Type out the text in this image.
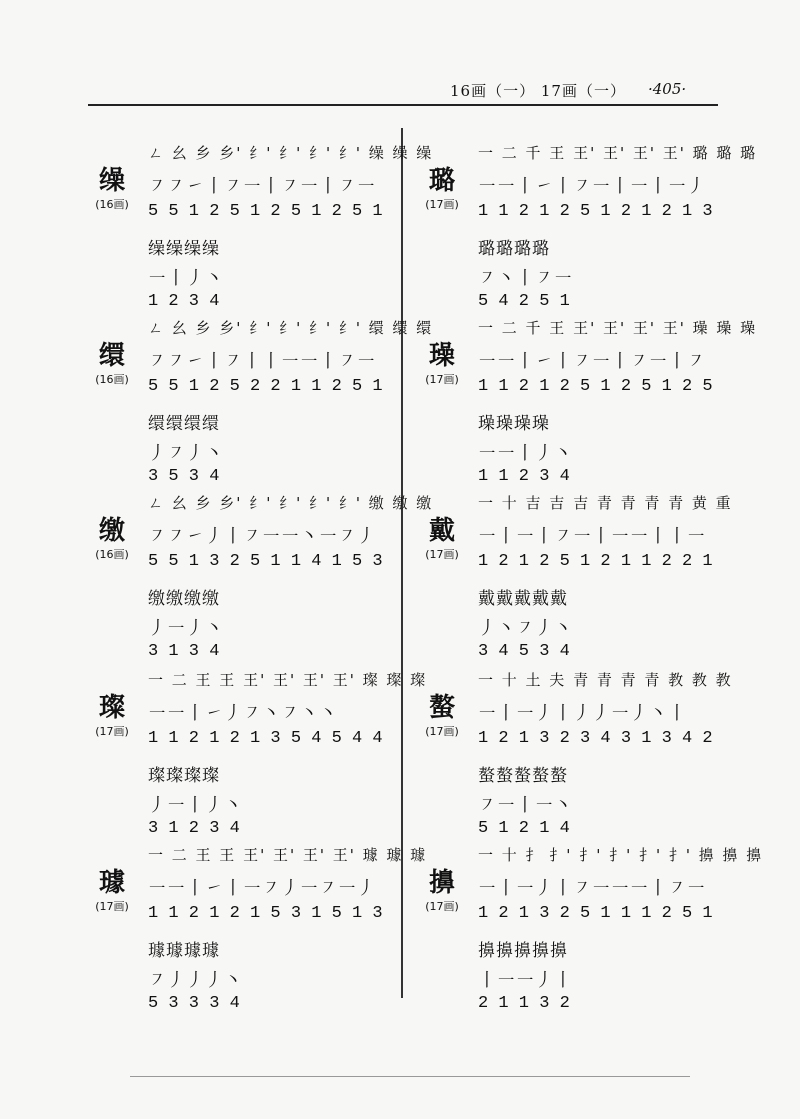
16画（一） 17画（一） ·405·
缲
(16画)
ㄥ 幺 乡 乡' 纟' 纟' 纟' 纟' 缲 缲 缲
㇇㇇㇀丨㇇㇐丨㇇㇐丨㇇㇐
5 5 1 2 5 1 2 5 1 2 5 1
缲缲缲缲
㇐丨丿丶
1 2 3 4
缳
(16画)
ㄥ 幺 乡 乡' 纟' 纟' 纟' 纟' 缳 缳 缳
㇇㇇㇀丨㇇丨丨㇐㇐丨㇇㇐
5 5 1 2 5 2 2 1 1 2 5 1
缳缳缳缳
丿㇇丿丶
3 5 3 4
缴
(16画)
ㄥ 幺 乡 乡' 纟' 纟' 纟' 纟' 缴 缴 缴
㇇㇇㇀丿丨㇇㇐㇐丶㇐㇇丿
5 5 1 3 2 5 1 1 4 1 5 3
缴缴缴缴
丿㇐丿丶
3 1 3 4
璨
(17画)
一 二 王 王 王' 王' 王' 王' 璨 璨 璨
㇐㇐丨㇀丿㇇丶㇇丶丶
1 1 2 1 2 1 3 5 4 5 4 4
璨璨璨璨
丿㇐丨丿丶
3 1 2 3 4
璩
(17画)
一 二 王 王 王' 王' 王' 王' 璩 璩 璩
㇐㇐丨㇀丨㇐㇇丿㇐㇇㇐丿
1 1 2 1 2 1 5 3 1 5 1 3
璩璩璩璩
㇇丿丿丿丶
5 3 3 3 4
璐
(17画)
一 二 千 王 王' 王' 王' 王' 璐 璐 璐
㇐㇐丨㇀丨㇇㇐丨㇐丨㇐丿
1 1 2 1 2 5 1 2 1 2 1 3
璐璐璐璐
㇇丶丨㇇㇐
5 4 2 5 1
璪
(17画)
一 二 千 王 王' 王' 王' 王' 璪 璪 璪
㇐㇐丨㇀丨㇇㇐丨㇇㇐丨㇇
1 1 2 1 2 5 1 2 5 1 2 5
璪璪璪璪
㇐㇐丨丿丶
1 1 2 3 4
戴
(17画)
一 十 吉 吉 吉 青 青 青 青 黄 重
㇐丨㇐丨㇇㇐丨㇐㇐丨丨㇐
1 2 1 2 5 1 2 1 1 2 2 1
戴戴戴戴戴
丿丶㇇丿丶
3 4 5 3 4
螯
(17画)
一 十 土 夫 青 青 青 青 教 教 教
㇐丨㇐丿丨丿丿㇐丿丶丨
1 2 1 3 2 3 4 3 1 3 4 2
螯螯螯螯螯
㇇㇐丨㇐丶
5 1 2 1 4
擤
(17画)
一 十 扌 扌' 扌' 扌' 扌' 扌' 擤 擤 擤
㇐丨㇐丿丨㇇㇐㇐㇐丨㇇㇐
1 2 1 3 2 5 1 1 1 2 5 1
擤擤擤擤擤
丨㇐㇐丿丨
2 1 1 3 2
